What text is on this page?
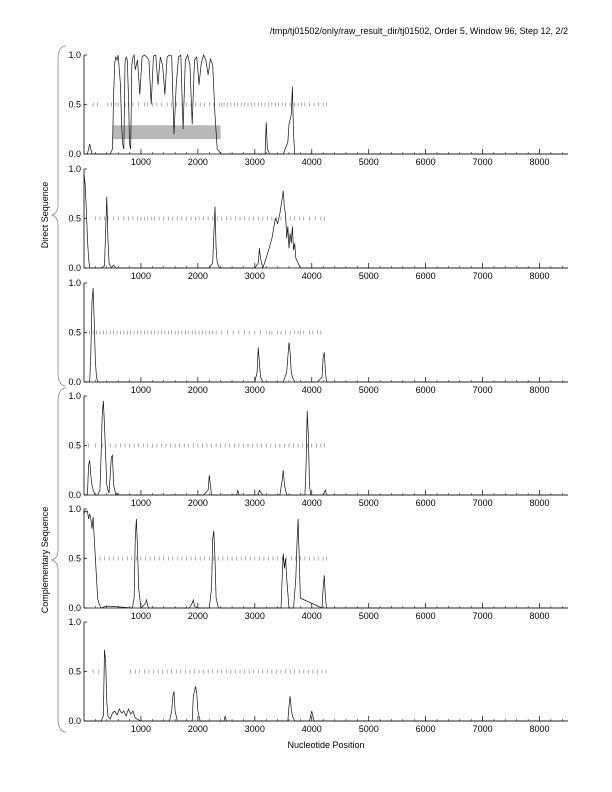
/tmp/tj01502/only/raw_result_dir/tj01502, Order 5, Window 96, Step 12, 2/2
1000	2000	3000	4000	5000	6000	7000	8000
0.0
0.5
1.0
1000	2000	3000	4000	5000	6000	7000	8000
0.0
0.5
1.0
1000	2000	3000	4000	5000	6000	7000	8000
0.0
0.5
1.0
1000	2000	3000	4000	5000	6000	7000	8000
0.0
0.5
1.0
1000	2000	3000	4000	5000	6000	7000	8000
0.0
0.5
1.0
1000	2000	3000	4000	5000	6000	7000	8000
0.0
0.5
1.0
Direct Sequence
Complementary Sequence
Nucleotide Position
